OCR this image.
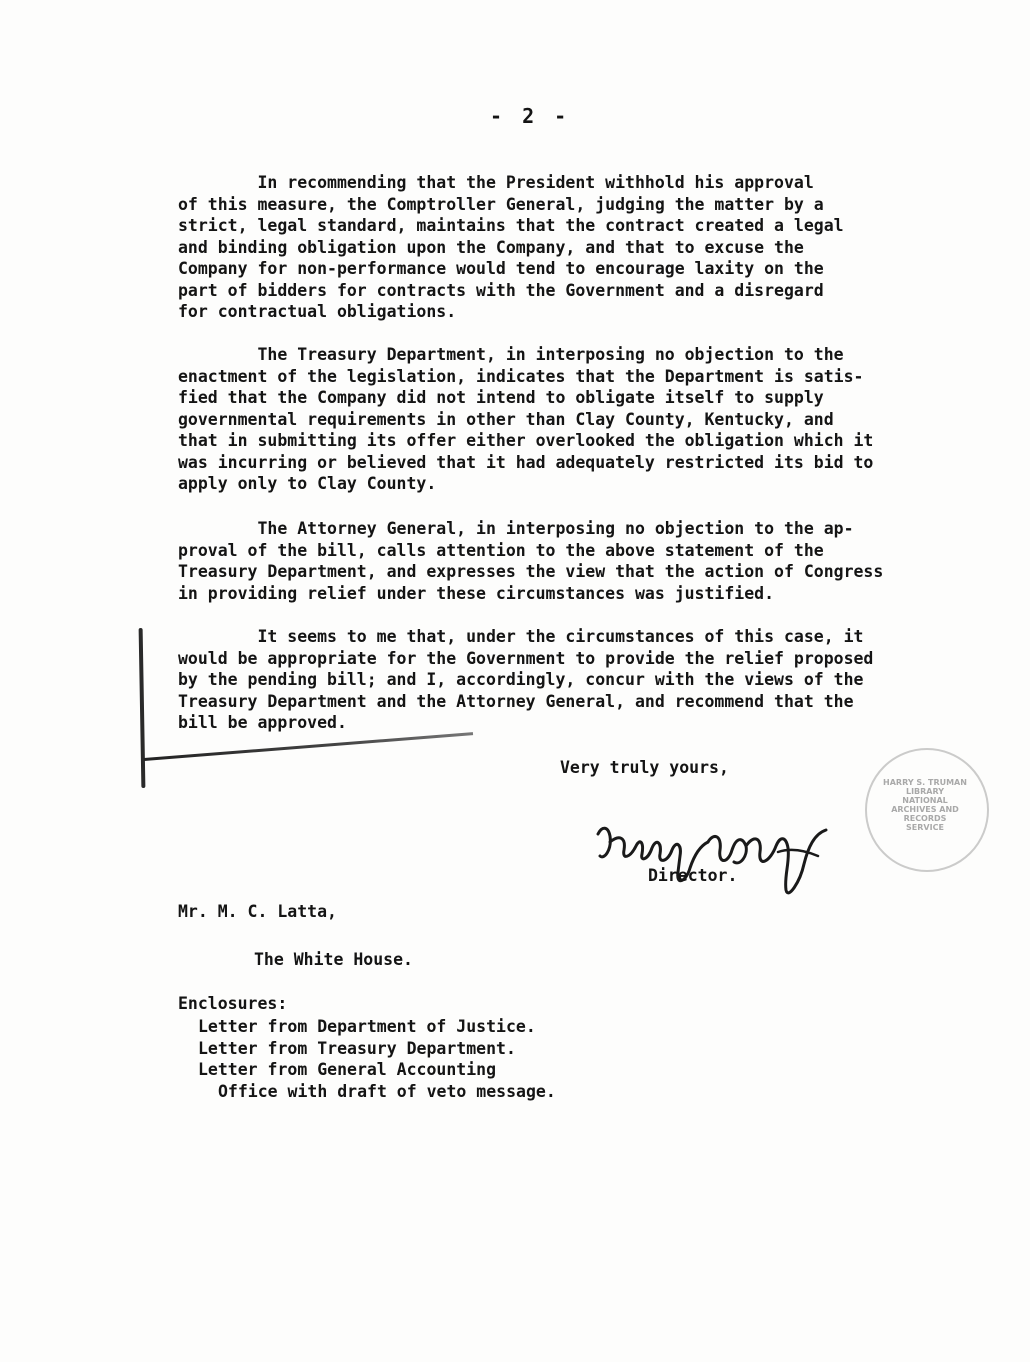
- 2 -
In recommending that the President withhold his approval
of this measure, the Comptroller General, judging the matter by a
strict, legal standard, maintains that the contract created a legal
and binding obligation upon the Company, and that to excuse the
Company for non-performance would tend to encourage laxity on the
part of bidders for contracts with the Government and a disregard
for contractual obligations.
The Treasury Department, in interposing no objection to the
enactment of the legislation, indicates that the Department is satis-
fied that the Company did not intend to obligate itself to supply
governmental requirements in other than Clay County, Kentucky, and
that in submitting its offer either overlooked the obligation which it
was incurring or believed that it had adequately restricted its bid to
apply only to Clay County.
The Attorney General, in interposing no objection to the ap-
proval of the bill, calls attention to the above statement of the
Treasury Department, and expresses the view that the action of Congress
in providing relief under these circumstances was justified.
It seems to me that, under the circumstances of this case, it
would be appropriate for the Government to provide the relief proposed
by the pending bill; and I, accordingly, concur with the views of the
Treasury Department and the Attorney General, and recommend that the
bill be approved.
Very truly yours,
HARRY S. TRUMAN LIBRARY
NATIONAL
ARCHIVES AND
RECORDS
SERVICE
Director.
Mr. M. C. Latta,
The White House.
Enclosures:
Letter from Department of Justice.
Letter from Treasury Department.
Letter from General Accounting
Office with draft of veto message.
